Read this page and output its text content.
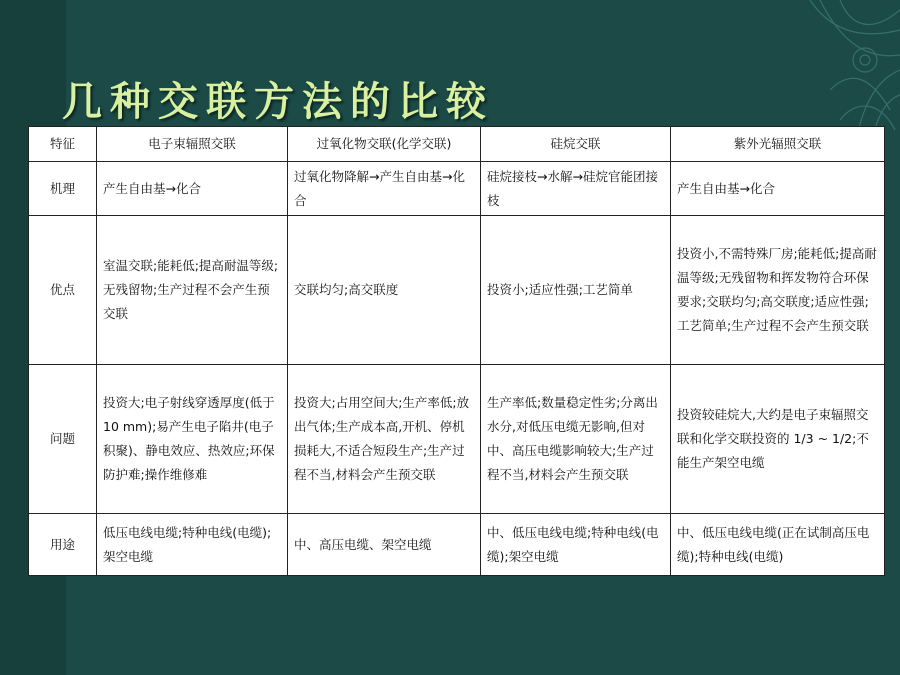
几种交联方法的比较
特征	电子束辐照交联	过氧化物交联(化学交联)	硅烷交联	紫外光辐照交联
机理	产生自由基→化合	过氧化物降解→产生自由基→化合	硅烷接枝→水解→硅烷官能团接枝	产生自由基→化合
优点	室温交联;能耗低;提高耐温等级;无残留物;生产过程不会产生预交联	交联均匀;高交联度	投资小;适应性强;工艺简单	投资小,不需特殊厂房;能耗低;提高耐温等级;无残留物和挥发物符合环保要求;交联均匀;高交联度;适应性强;工艺简单;生产过程不会产生预交联
问题	投资大;电子射线穿透厚度(低于 10 mm);易产生电子陷井(电子积聚)、静电效应、热效应;环保防护难;操作维修难	投资大;占用空间大;生产率低;放出气体;生产成本高,开机、停机损耗大,不适合短段生产;生产过程不当,材料会产生预交联	生产率低;数量稳定性劣;分离出水分,对低压电缆无影响,但对中、高压电缆影响较大;生产过程不当,材料会产生预交联	投资较硅烷大,大约是电子束辐照交联和化学交联投资的 1/3 ~ 1/2;不能生产架空电缆
用途	低压电线电缆;特种电线(电缆);架空电缆	中、高压电缆、架空电缆	中、低压电线电缆;特种电线(电缆);架空电缆	中、低压电线电缆(正在试制高压电缆);特种电线(电缆)
